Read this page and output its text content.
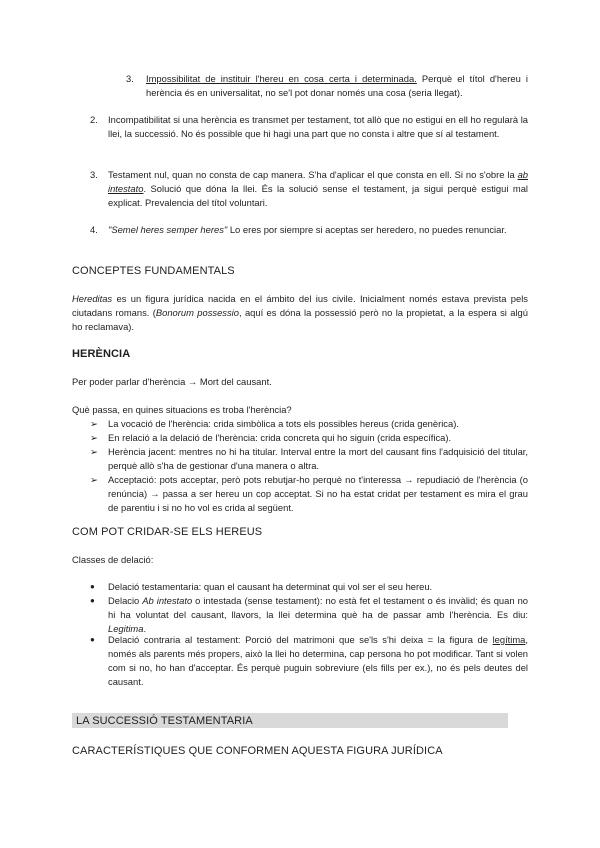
3. Impossibilitat de instituir l'hereu en cosa certa i determinada. Perquè el títol d'hereu i herència és en universalitat, no se'l pot donar només una cosa (seria llegat).
2. Incompatibilitat si una herència es transmet per testament, tot allò que no estigui en ell ho regularà la llei, la successió. No és possible que hi hagi una part que no consta i altre que sí al testament.
3. Testament nul, quan no consta de cap manera. S'ha d'aplicar el que consta en ell. Si no s'obre la ab intestato. Solució que dóna la llei. És la solució sense el testament, ja sigui perquè estigui mal explicat. Prevalencia del títol voluntari.
4. "Semel heres semper heres" Lo eres por siempre si aceptas ser heredero, no puedes renunciar.
CONCEPTES FUNDAMENTALS
Hereditas es un figura jurídica nacida en el ámbito del ius civile. Inicialment només estava prevista pels ciutadans romans. (Bonorum possessio, aquí es dóna la possessió però no la propietat, a la espera si algú ho reclamava).
HERÈNCIA
Per poder parlar d'herència → Mort del causant.
Què passa, en quines situacions es troba l'herència?
➢ La vocació de l'herència: crida simbòlica a tots els possibles hereus (crida genèrica).
➢ En relació a la delació de l'herència: crida concreta qui ho siguin (crida específica).
➢ Herència jacent: mentres no hi ha titular. Interval entre la mort del causant fins l'adquisició del titular, perquè allò s'ha de gestionar d'una manera o altra.
➢ Acceptació: pots acceptar, però pots rebutjar-ho perquè no t'interessa → repudiació de l'herència (o renúncia) → passa a ser hereu un cop acceptat. Si no ha estat cridat per testament es mira el grau de parentiu i si no ho vol es crida al següent.
COM POT CRIDAR-SE ELS HEREUS
Classes de delació:
● Delació testamentaria: quan el causant ha determinat qui vol ser el seu hereu.
● Delacio Ab intestato o intestada (sense testament): no està fet el testament o és invàlid; és quan no hi ha voluntat del causant, llavors, la llei determina què ha de passar amb l'herència. Es diu: Legitima.
● Delació contraria al testament: Porció del matrimoni que se'ls s'hi deixa = la figura de legítima, només als parents més propers, això la llei ho determina, cap persona ho pot modificar. Tant si volen com si no, ho han d'acceptar. És perquè puguin sobreviure (els fills per ex.), no és pels deutes del causant.
LA SUCCESSIÓ TESTAMENTARIA
CARACTERÍSTIQUES QUE CONFORMEN AQUESTA FIGURA JURÍDICA
